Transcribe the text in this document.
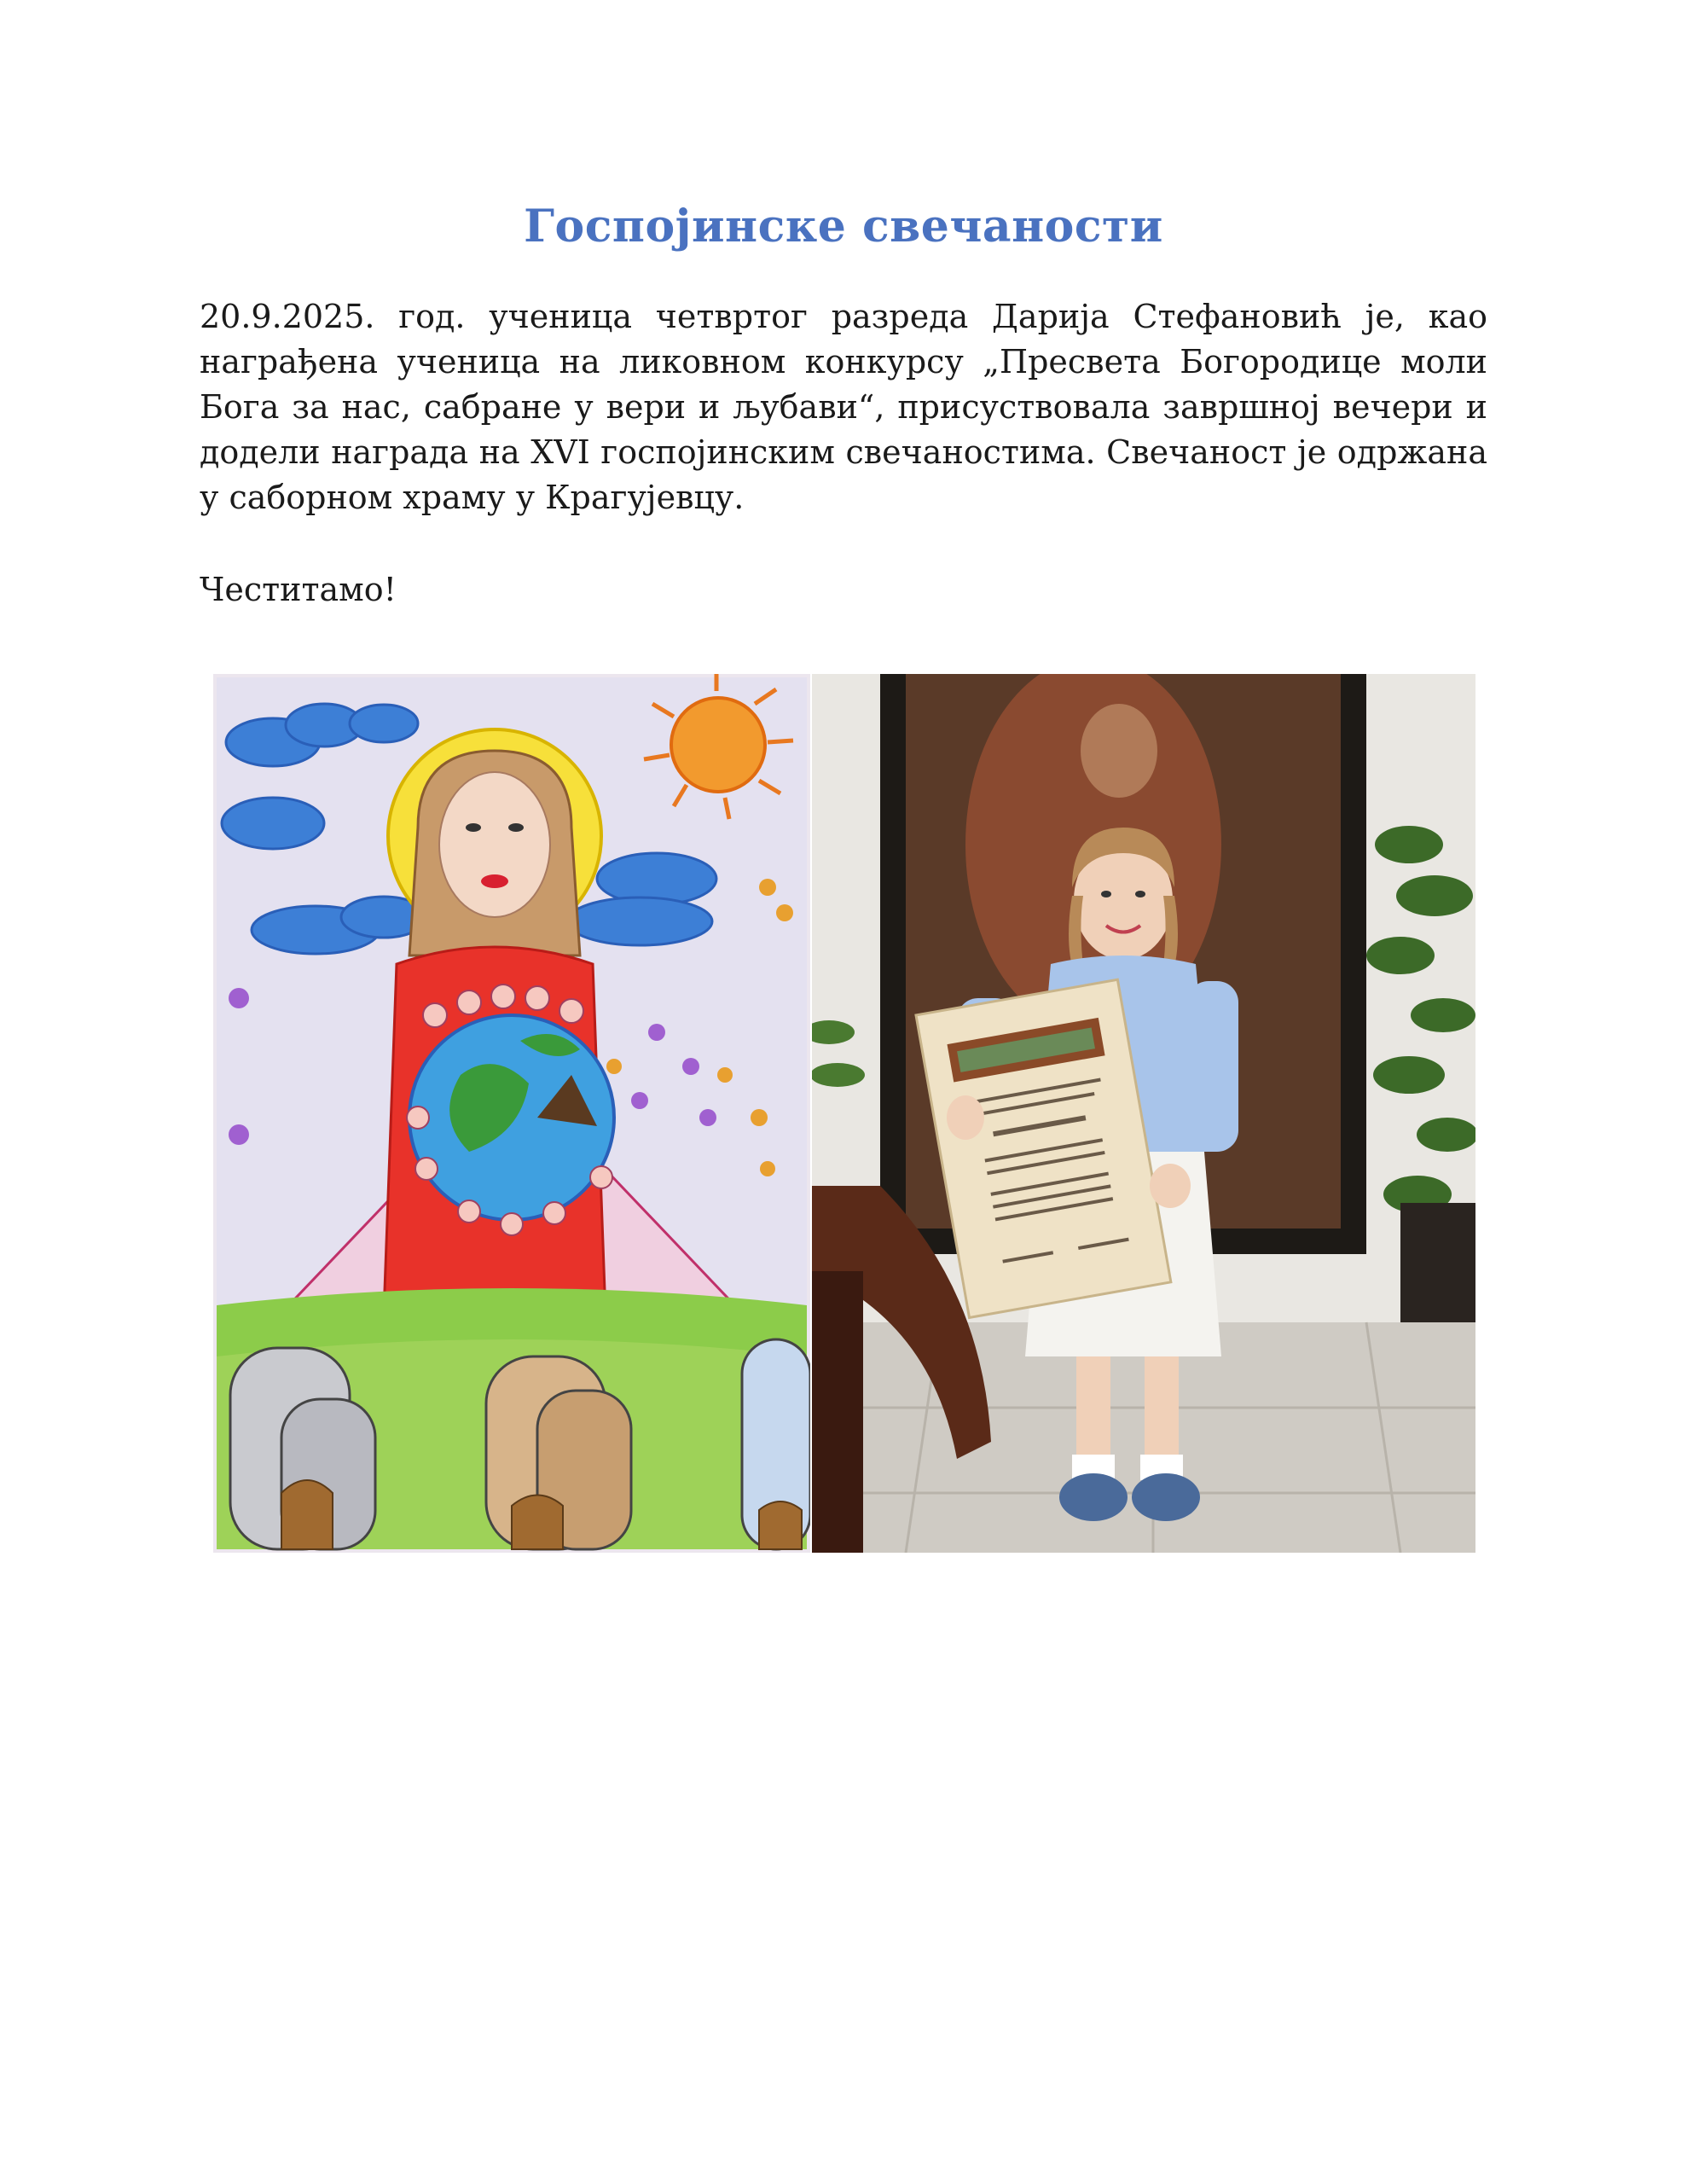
Госпојинске свечаности
20.9.2025. год. ученица четвртог разреда Дарија Стефановић је, као награђена ученица на ликовном конкурсу „Пресвета Богородице моли Бога за нас, сабране у вери и љубави“, присуствовала завршној вечери и додели награда на XVI госпојинским свечаностима. Свечаност је одржана у саборном храму у Крагујевцу.
Честитамо!
